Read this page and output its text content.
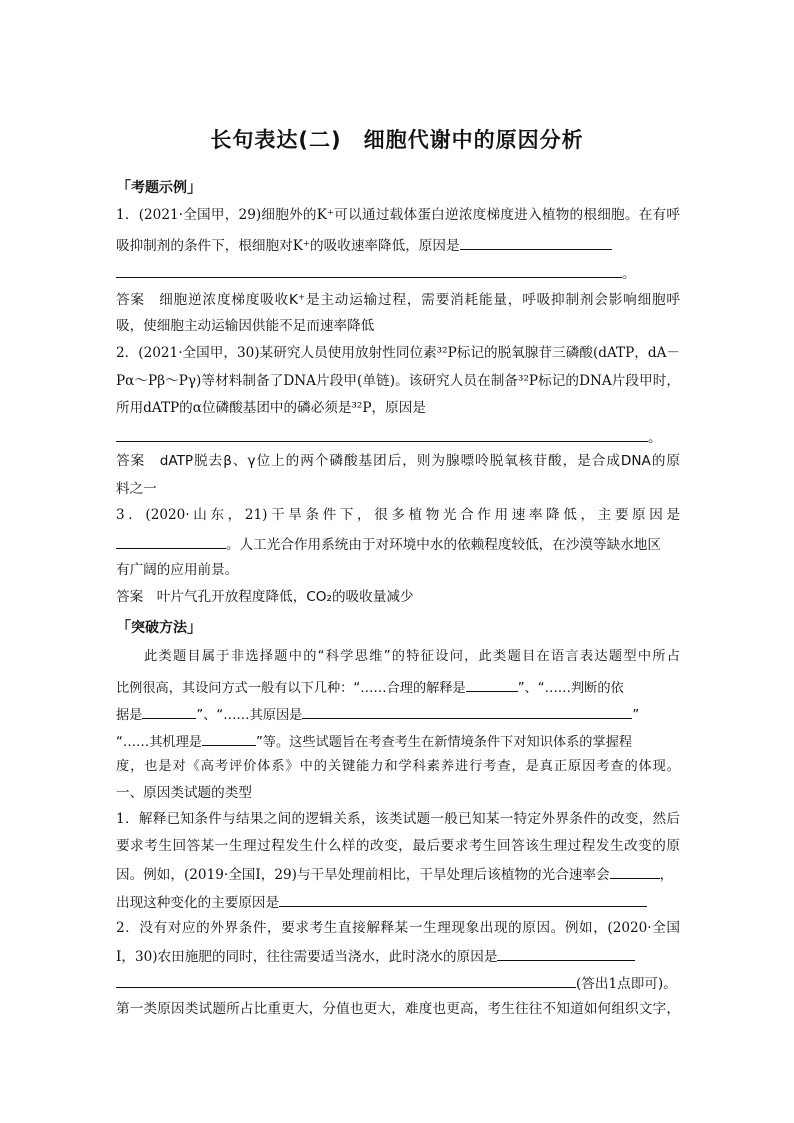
长句表达(二)　细胞代谢中的原因分析
「考题示例」
1．(2021·全国甲，29)细胞外的K⁺可以通过载体蛋白逆浓度梯度进入植物的根细胞。在有呼
吸抑制剂的条件下，根细胞对K⁺的吸收速率降低，原因是
。
答案　 细胞逆浓度梯度吸收K⁺是主动运输过程，需要消耗能量，呼吸抑制剂会影响细胞呼
吸，使细胞主动运输因供能不足而速率降低
2．(2021·全国甲，30)某研究人员使用放射性同位素³²P标记的脱氧腺苷三磷酸(dATP，dA－
Pα～Pβ～Pγ)等材料制备了DNA片段甲(单链)。该研究人员在制备³²P标记的DNA片段甲时，
所用dATP的α位磷酸基团中的磷必须是³²P，原因是
。
答案　 dATP脱去β、γ位上的两个磷酸基团后，则为腺嘌呤脱氧核苷酸，是合成DNA的原
料之一
3．(2020·山东，21)干旱条件下，很多植物光合作用速率降低，主要原因是
。人工光合作用系统由于对环境中水的依赖程度较低，在沙漠等缺水地区
有广阔的应用前景。
答案　 叶片气孔开放程度降低，CO₂的吸收量减少
「突破方法」
此类题目属于非选择题中的“科学思维”的特征设问，此类题目在语言表达题型中所占
比例很高，其设问方式一般有以下几种：“……合理的解释是	”、“……判断的依
据是	”、“……其原因是	”
“……其机理是	”等。这些试题旨在考查考生在新情境条件下对知识体系的掌握程
度，也是对《高考评价体系》中的关键能力和学科素养进行考查，是真正原因考查的体现。
一、原因类试题的类型
1．解释已知条件与结果之间的逻辑关系，该类试题一般已知某一特定外界条件的改变，然后
要求考生回答某一生理过程发生什么样的改变，最后要求考生回答该生理过程发生改变的原
因。例如，(2019·全国Ⅰ，29)与干旱处理前相比，干旱处理后该植物的光合速率会	，
出现这种变化的主要原因是
2．没有对应的外界条件，要求考生直接解释某一生理现象出现的原因。例如，(2020·全国
Ⅰ，30)农田施肥的同时，往往需要适当浇水，此时浇水的原因是
(答出1点即可)。
第一类原因类试题所占比重更大，分值也更大，难度也更高，考生往往不知道如何组织文字，
